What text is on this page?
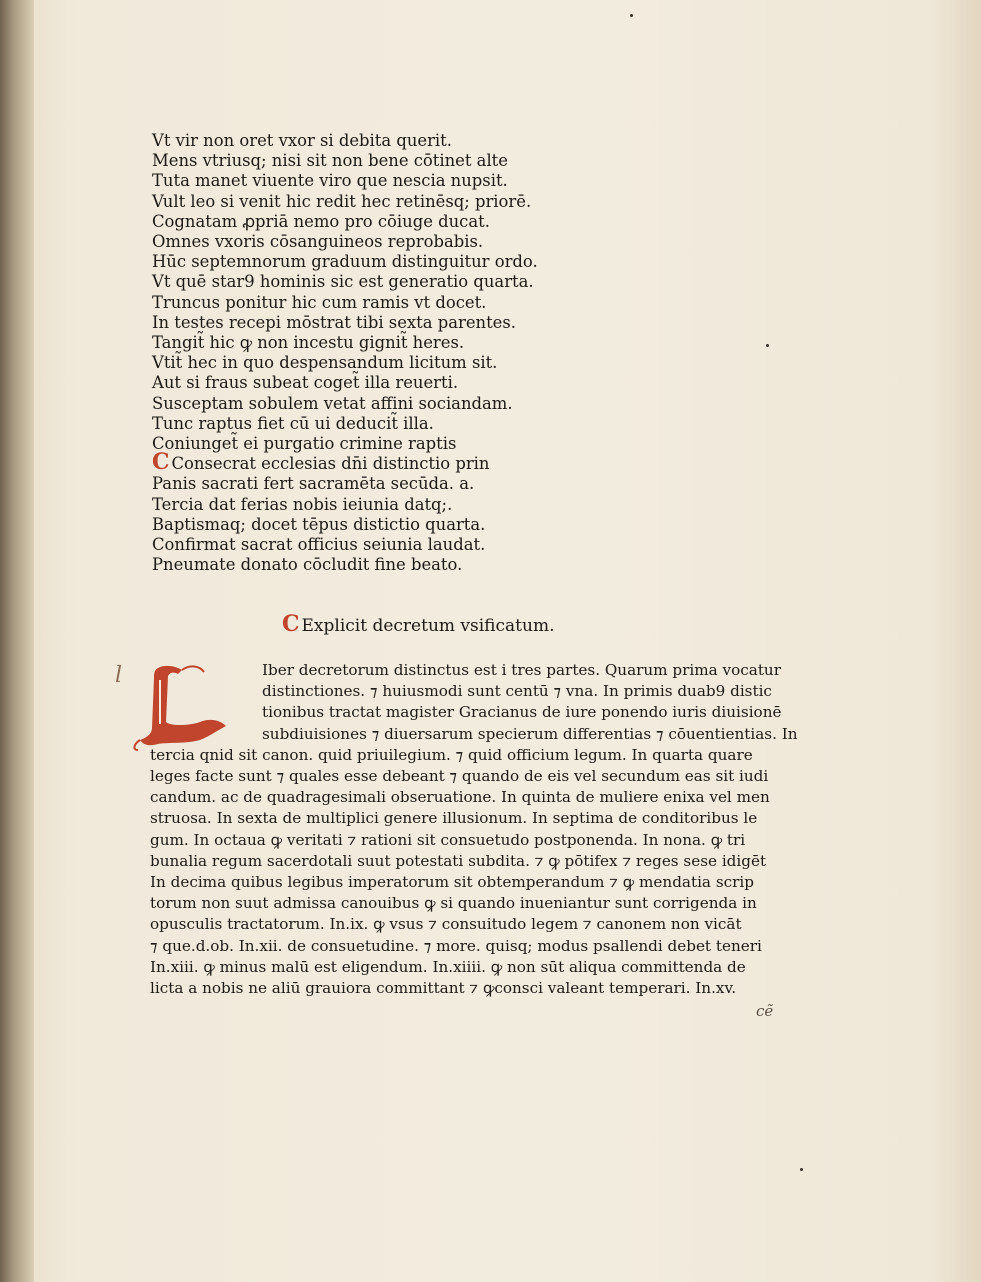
Vt vir non oret vxor si debita querit.
Mens vtriusq; nisi sit non bene cōtinet alte
Tuta manet viuente viro que nescia nupsit.
Vult leo si venit hic redit hec retinēsq; priorē.
Cognatam ꝓpriā nemo pro cōiuge ducat.
Omnes vxoris cōsanguineos reprobabis.
Hūc septemnorum graduum distinguitur ordo.
Vt quē star9 hominis sic est generatio quarta.
Truncus ponitur hic cum ramis vt docet.
In testes recepi mōstrat tibi sexta parentes.
Tangit̃ hic ꝙ non incestu gignit̃ heres.
Vtit̃ hec in quo despensandum licitum sit.
Aut si fraus subeat coget̃ illa reuerti.
Susceptam sobulem vetat affini sociandam.
Tunc raptus fiet cū ui deducit̃ illa.
Coniunget̃ ei purgatio crimine raptis
C Consecrat ecclesias dn̄i distinctio prin
Panis sacrati fert sacramēta secūda. a.
Tercia dat ferias nobis ieiunia datq;.
Baptismaq; docet tēpus distictio quarta.
Confirmat sacrat officius seiunia laudat.
Pneumate donato cōcludit fine beato.
C Explicit decretum vsificatum.
l
L
Iber decretorum distinctus est i tres partes. Quarum prima vocatur
distinctiones. ⁊ huiusmodi sunt centū ⁊ vna. In primis duab9 distic
tionibus tractat magister Gracianus de iure ponendo iuris diuisionē
subdiuisiones ⁊ diuersarum specierum differentias ⁊ cōuentientias. In
tercia qnid sit canon. quid priuilegium. ⁊ quid officium legum. In quarta quare
leges facte sunt ⁊ quales esse debeant ⁊ quando de eis vel secundum eas sit iudi
candum. ac de quadragesimali obseruatione. In quinta de muliere enixa vel men
struosa. In sexta de multiplici genere illusionum. In septima de conditoribus le
gum. In octaua ꝙ veritati ⁊ rationi sit consuetudo postponenda. In nona. ꝙ tri
bunalia regum sacerdotali suut potestati subdita. ⁊ ꝙ pōtifex ⁊ reges sese idigēt
In decima quibus legibus imperatorum sit obtemperandum ⁊ ꝙ mendatia scrip
torum non suut admissa canouibus ꝙ si quando inueniantur sunt corrigenda in
opusculis tractatorum. In.ix. ꝙ vsus ⁊ consuitudo legem ⁊ canonem non vicāt
⁊ que.d.ob. In.xii. de consuetudine. ⁊ more. quisq; modus psallendi debet teneri
In.xiii. ꝙ minus malū est eligendum. In.xiiii. ꝙ non sūt aliqua committenda de
licta a nobis ne aliū grauiora committant ⁊ ꝙconsci valeant temperari. In.xv.
cẽ
